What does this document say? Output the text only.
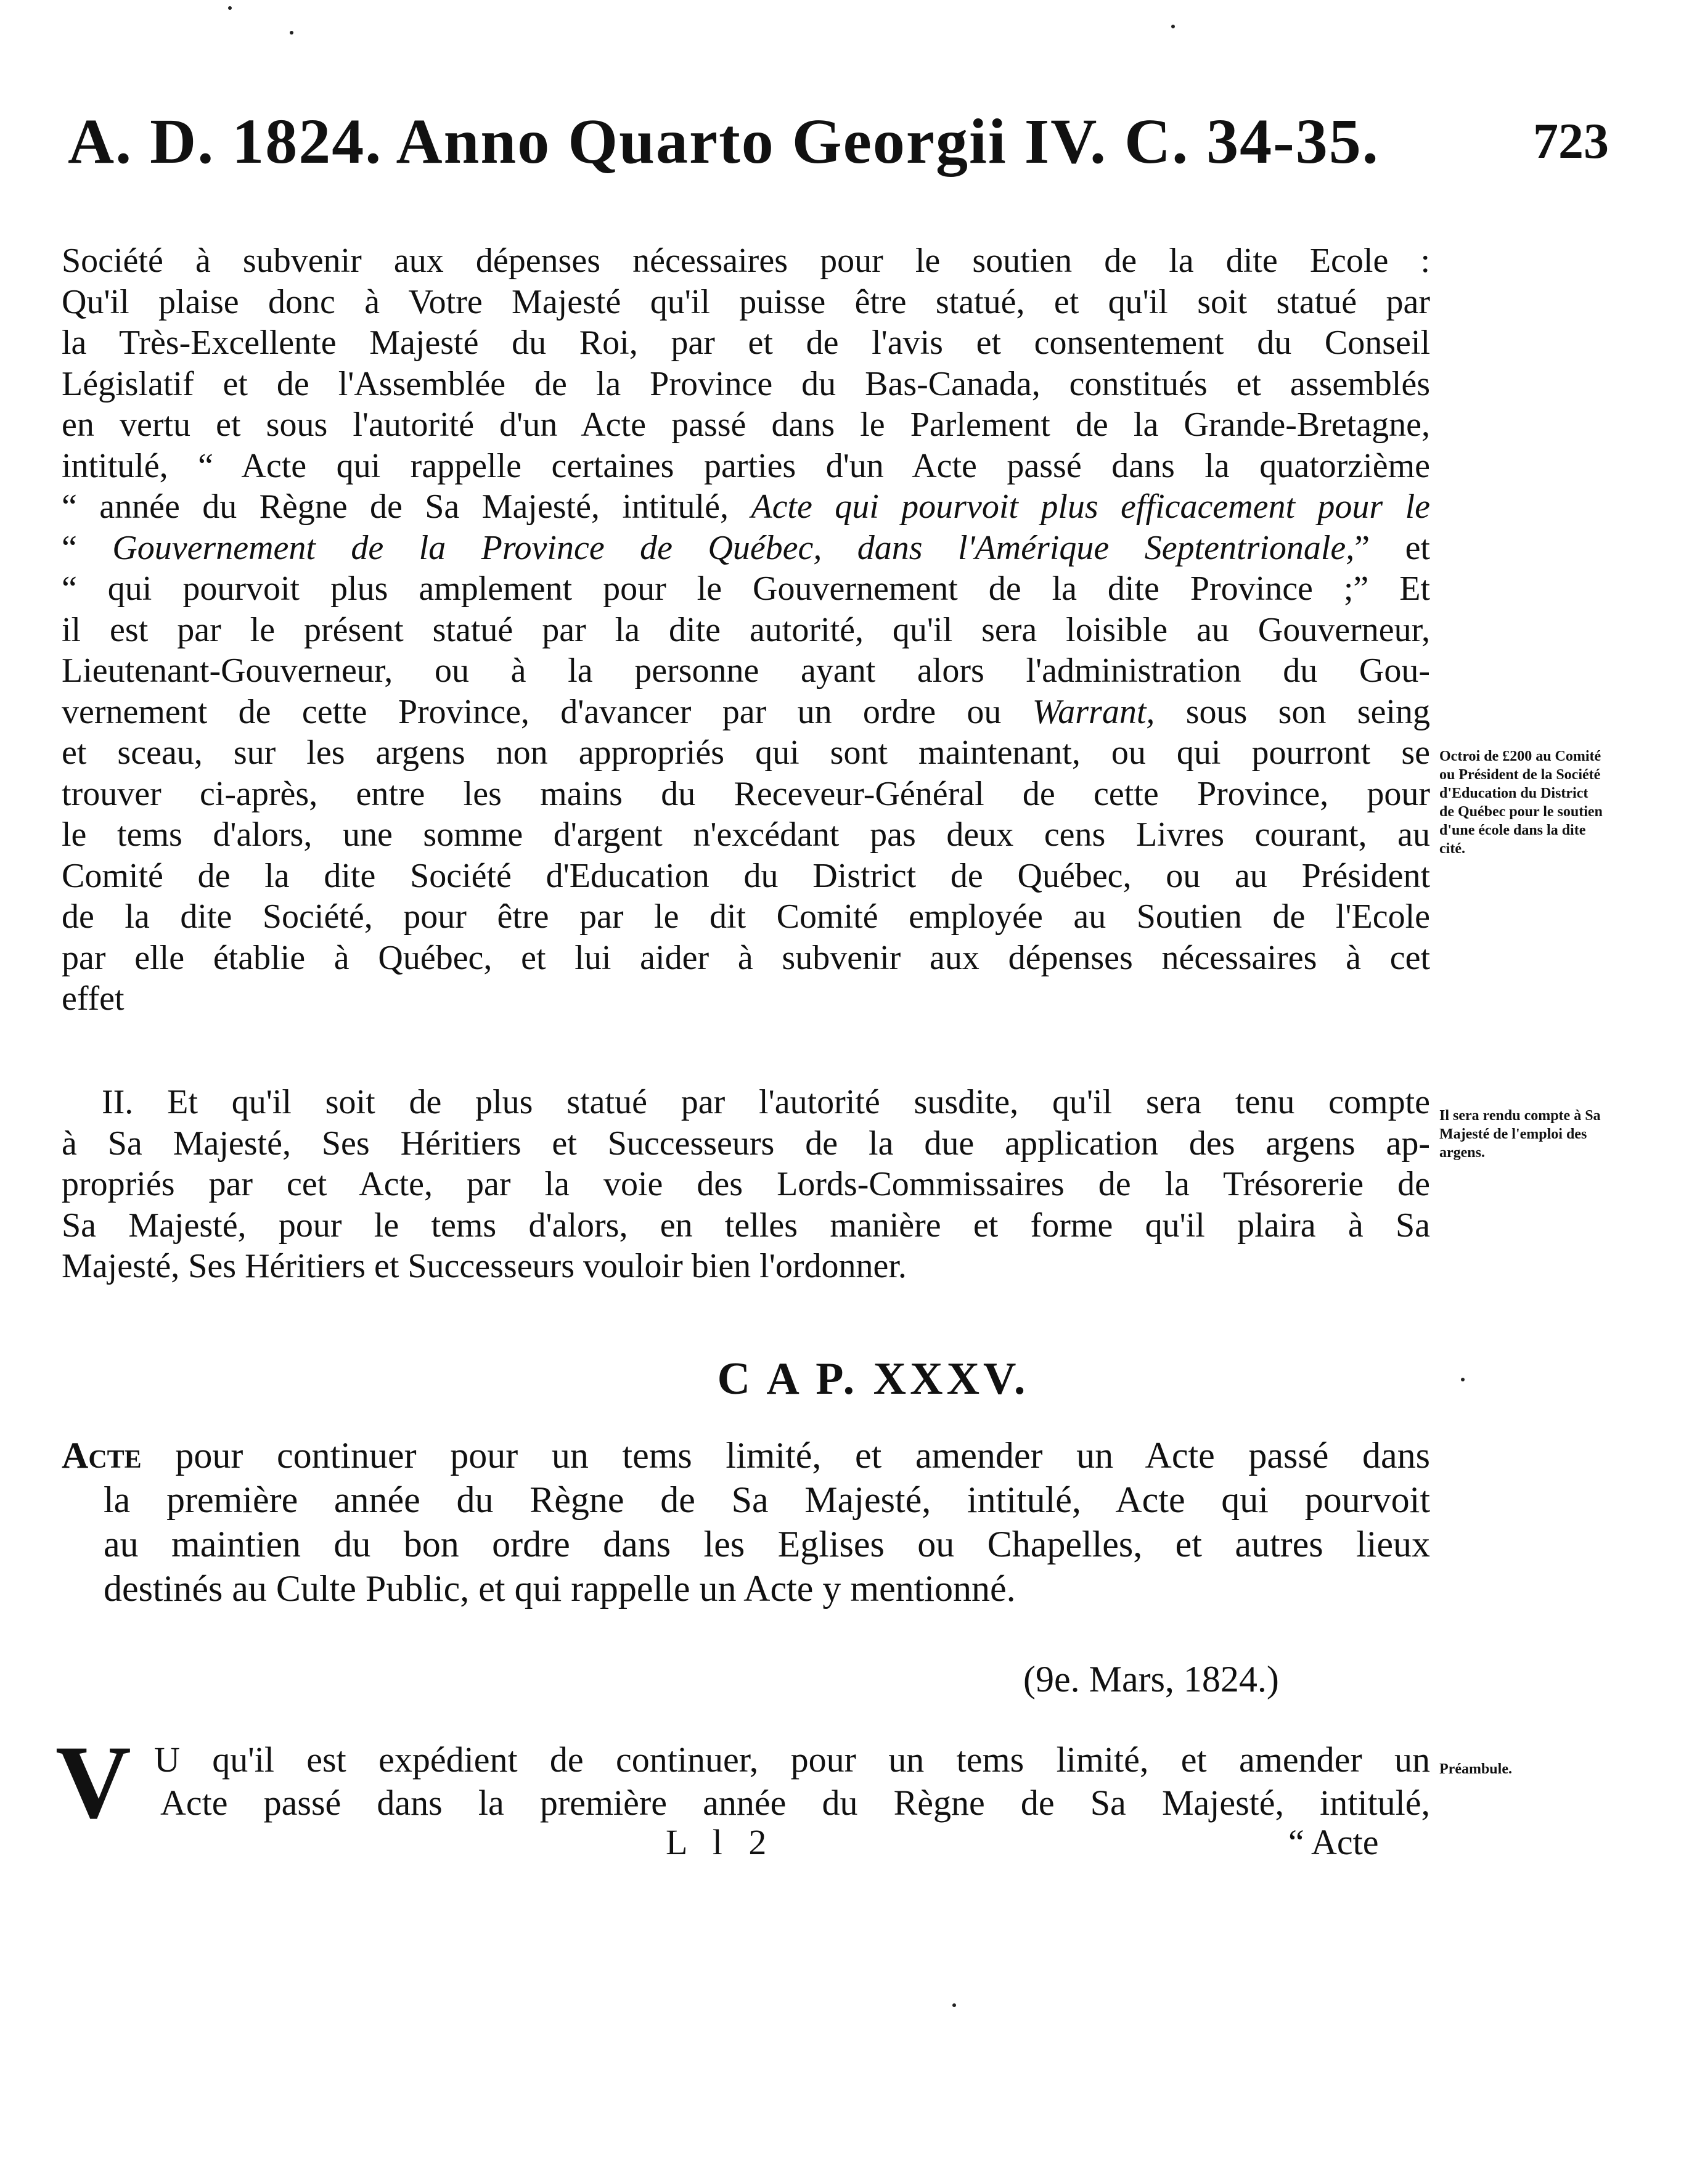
A. D. 1824. Anno Quarto Georgii IV. C. 34-35.	723
Société à subvenir aux dépenses nécessaires pour le soutien de la dite Ecole :
Qu'il plaise donc à Votre Majesté qu'il puisse être statué, et qu'il soit statué par
la Très-Excellente Majesté du Roi, par et de l'avis et consentement du Conseil
Législatif et de l'Assemblée de la Province du Bas-Canada, constitués et assemblés
en vertu et sous l'autorité d'un Acte passé dans le Parlement de la Grande-Bretagne,
intitulé, “ Acte qui rappelle certaines parties d'un Acte passé dans la quatorzième
“ année du Règne de Sa Majesté, intitulé, Acte qui pourvoit plus efficacement pour le
“ Gouvernement de la Province de Québec, dans l'Amérique Septentrionale,” et
“ qui pourvoit plus amplement pour le Gouvernement de la dite Province ;” Et
il est par le présent statué par la dite autorité, qu'il sera loisible au Gouverneur,
Lieutenant-Gouverneur, ou à la personne ayant alors l'administration du Gou-
vernement de cette Province, d'avancer par un ordre ou Warrant, sous son seing
et sceau, sur les argens non appropriés qui sont maintenant, ou qui pourront se
trouver ci-après, entre les mains du Receveur-Général de cette Province, pour
le tems d'alors, une somme d'argent n'excédant pas deux cens Livres courant, au
Comité de la dite Société d'Education du District de Québec, ou au Président
de la dite Société, pour être par le dit Comité employée au Soutien de l'Ecole
par elle établie à Québec, et lui aider à subvenir aux dépenses nécessaires à cet
effet
Octroi de £200 au Comité ou Président de la Société d'Education du District de Québec pour le soutien d'une école dans la dite cité.
II. Et qu'il soit de plus statué par l'autorité susdite, qu'il sera tenu compte
à Sa Majesté, Ses Héritiers et Successeurs de la due application des argens ap-
propriés par cet Acte, par la voie des Lords-Commissaires de la Trésorerie de
Sa Majesté, pour le tems d'alors, en telles manière et forme qu'il plaira à Sa
Majesté, Ses Héritiers et Successeurs vouloir bien l'ordonner.
Il sera rendu compte à Sa Majesté de l'emploi des argens.
C A P. XXXV.
Acte pour continuer pour un tems limité, et amender un Acte passé dans
la première année du Règne de Sa Majesté, intitulé, Acte qui pourvoit
au maintien du bon ordre dans les Eglises ou Chapelles, et autres lieux
destinés au Culte Public, et qui rappelle un Acte y mentionné.
(9e. Mars, 1824.)
V U qu'il est expédient de continuer, pour un tems limité, et amender un
Acte passé dans la première année du Règne de Sa Majesté, intitulé,
Préambule.
L l 2	“ Acte
